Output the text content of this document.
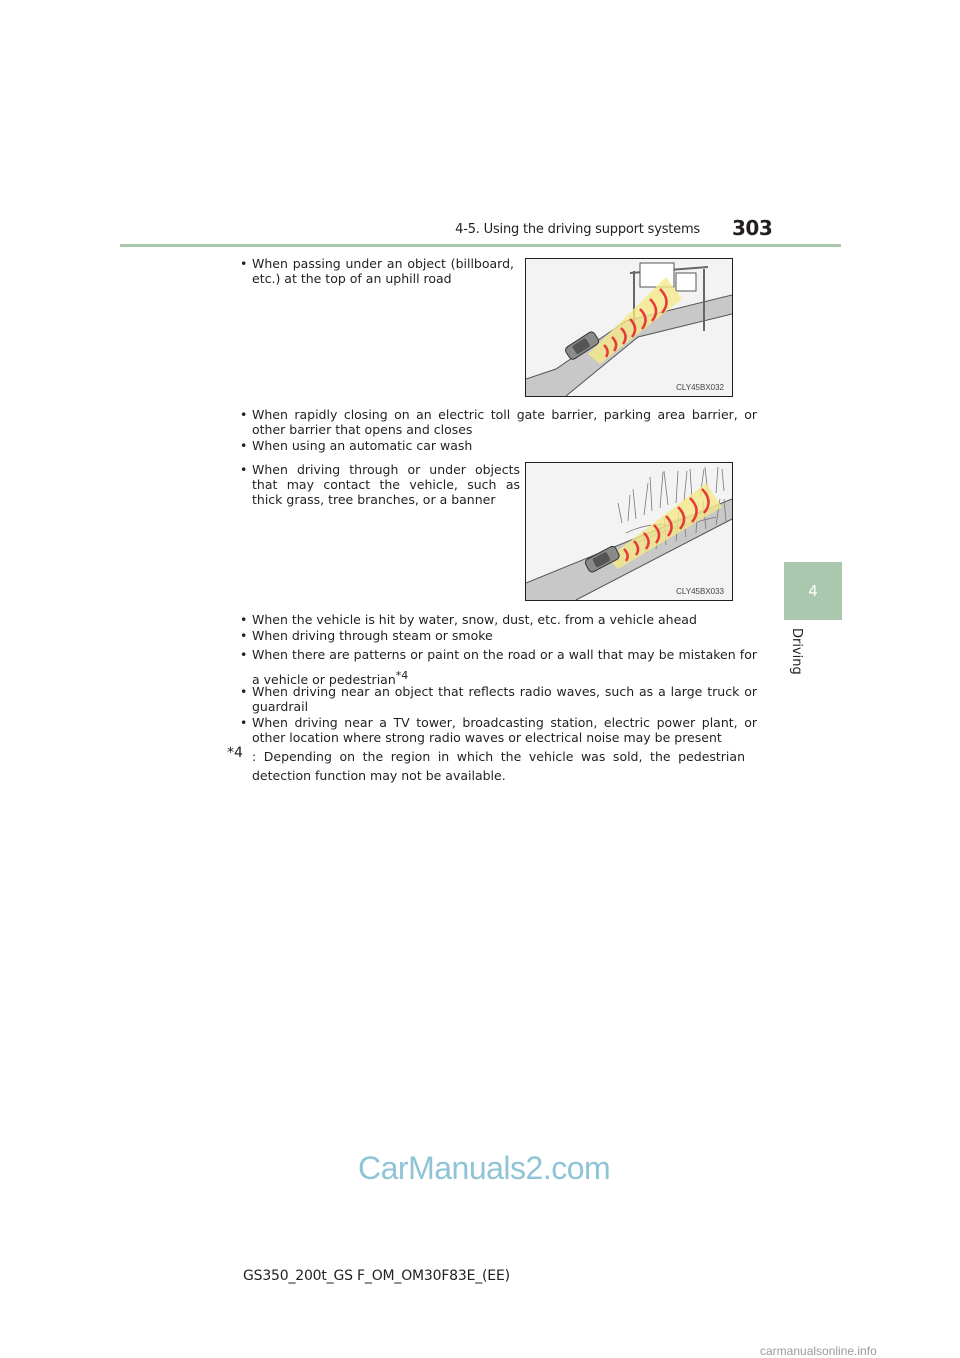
4-5. Using the driving support systems 303
4
Driving
• When passing under an object (billboard, etc.) at the top of an uphill road
CLY45BX032
• When rapidly closing on an electric toll gate barrier, parking area barrier, or other barrier that opens and closes
• When using an automatic car wash
• When driving through or under objects that may contact the vehicle, such as thick grass, tree branches, or a banner
CLY45BX033
• When the vehicle is hit by water, snow, dust, etc. from a vehicle ahead
• When driving through steam or smoke
• When there are patterns or paint on the road or a wall that may be mistaken for a vehicle or pedestrian$^{*4}$
• When driving near an object that reflects radio waves, such as a large truck or guardrail
• When driving near a TV tower, broadcasting station, electric power plant, or other location where strong radio waves or electrical noise may be present
*4 : Depending on the region in which the vehicle was sold, the pedestrian detection function may not be available.
CarManuals2.com
GS350_200t_GS F_OM_OM30F83E_(EE)
carmanualsonline.info
